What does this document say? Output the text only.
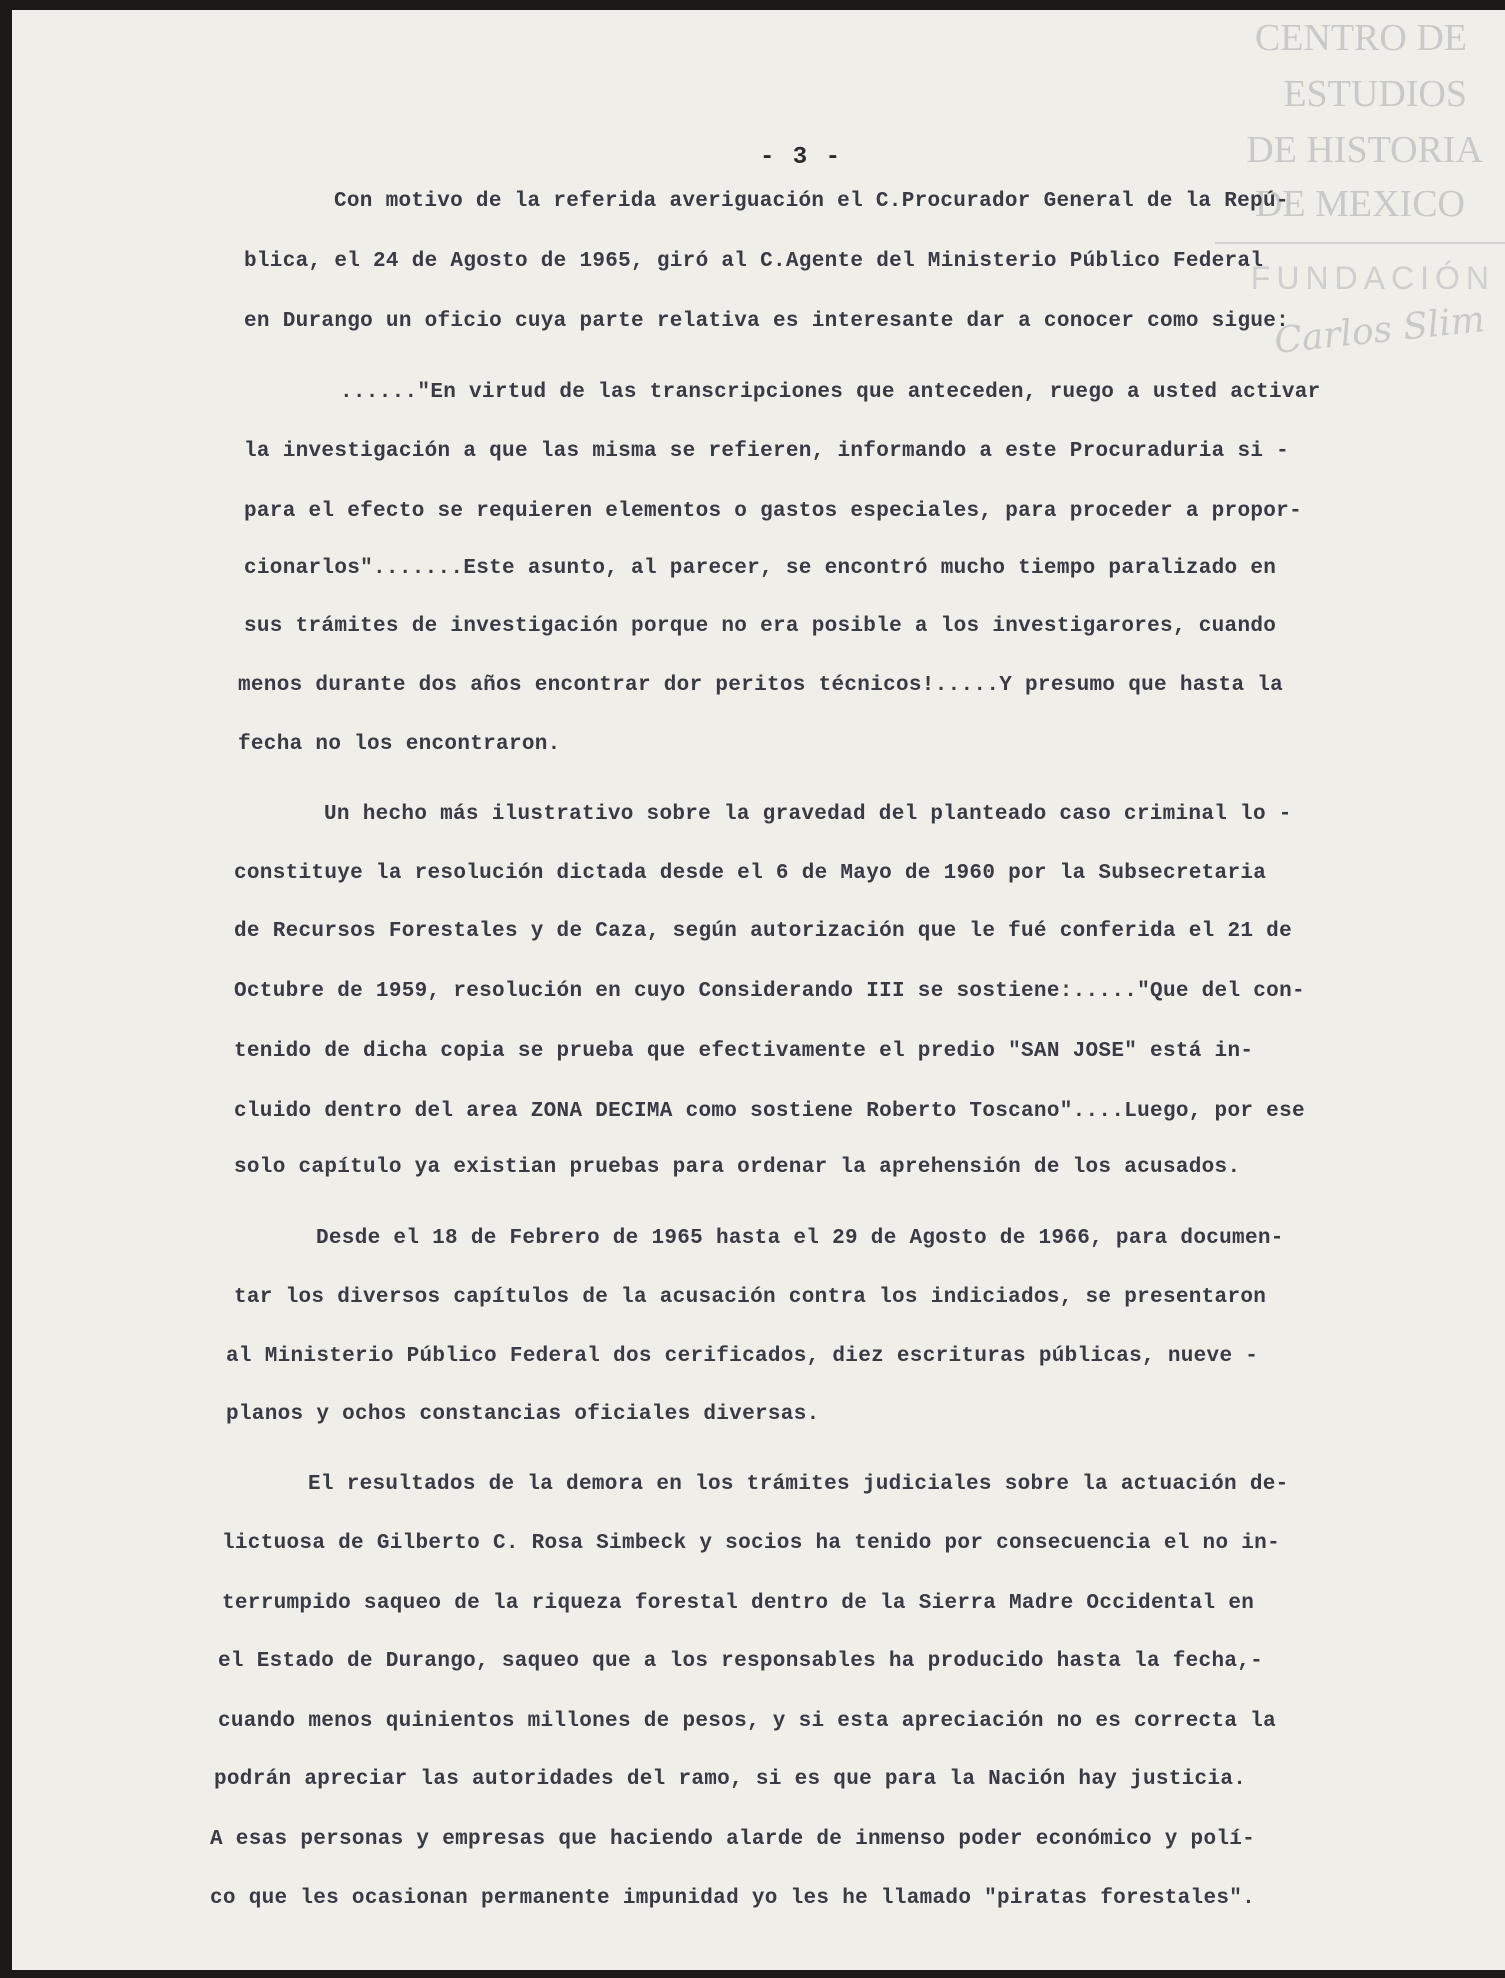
CENTRO DE
ESTUDIOS
DE HISTORIA
DE MEXICO
FUNDACIÓN
Carlos Slim
- 3 -
Con motivo de la referida averiguación el C.Procurador General de la Repú-
blica, el 24 de Agosto de 1965, giró al C.Agente del Ministerio Público Federal
en Durango un oficio cuya parte relativa es interesante dar a conocer como sigue:
......"En virtud de las transcripciones que anteceden, ruego a usted activar
la investigación a que las misma se refieren, informando a este Procuraduria si -
para el efecto se requieren elementos o gastos especiales, para proceder a propor-
cionarlos".......Este asunto, al parecer, se encontró mucho tiempo paralizado en
sus trámites de investigación porque no era posible a los investigarores, cuando
menos durante dos años encontrar dor peritos técnicos!.....Y presumo que hasta la
fecha no los encontraron.
Un hecho más ilustrativo sobre la gravedad del planteado caso criminal lo -
constituye la resolución dictada desde el 6 de Mayo de 1960 por la Subsecretaria
de Recursos Forestales y de Caza, según autorización que le fué conferida el 21 de
Octubre de 1959, resolución en cuyo Considerando III se sostiene:....."Que del con-
tenido de dicha copia se prueba que efectivamente el predio "SAN JOSE" está in-
cluido dentro del area ZONA DECIMA como sostiene Roberto Toscano"....Luego, por ese
solo capítulo ya existian pruebas para ordenar la aprehensión de los acusados.
Desde el 18 de Febrero de 1965 hasta el 29 de Agosto de 1966, para documen-
tar los diversos capítulos de la acusación contra los indiciados, se presentaron
al Ministerio Público Federal dos cerificados, diez escrituras públicas, nueve -
planos y ochos constancias oficiales diversas.
El resultados de la demora en los trámites judiciales sobre la actuación de-
lictuosa de Gilberto C. Rosa Simbeck y socios ha tenido por consecuencia el no in-
terrumpido saqueo de la riqueza forestal dentro de la Sierra Madre Occidental en
el Estado de Durango, saqueo que a los responsables ha producido hasta la fecha,-
cuando menos quinientos millones de pesos, y si esta apreciación no es correcta la
podrán apreciar las autoridades del ramo, si es que para la Nación hay justicia.
A esas personas y empresas que haciendo alarde de inmenso poder económico y polí-
co que les ocasionan permanente impunidad yo les he llamado "piratas forestales".
